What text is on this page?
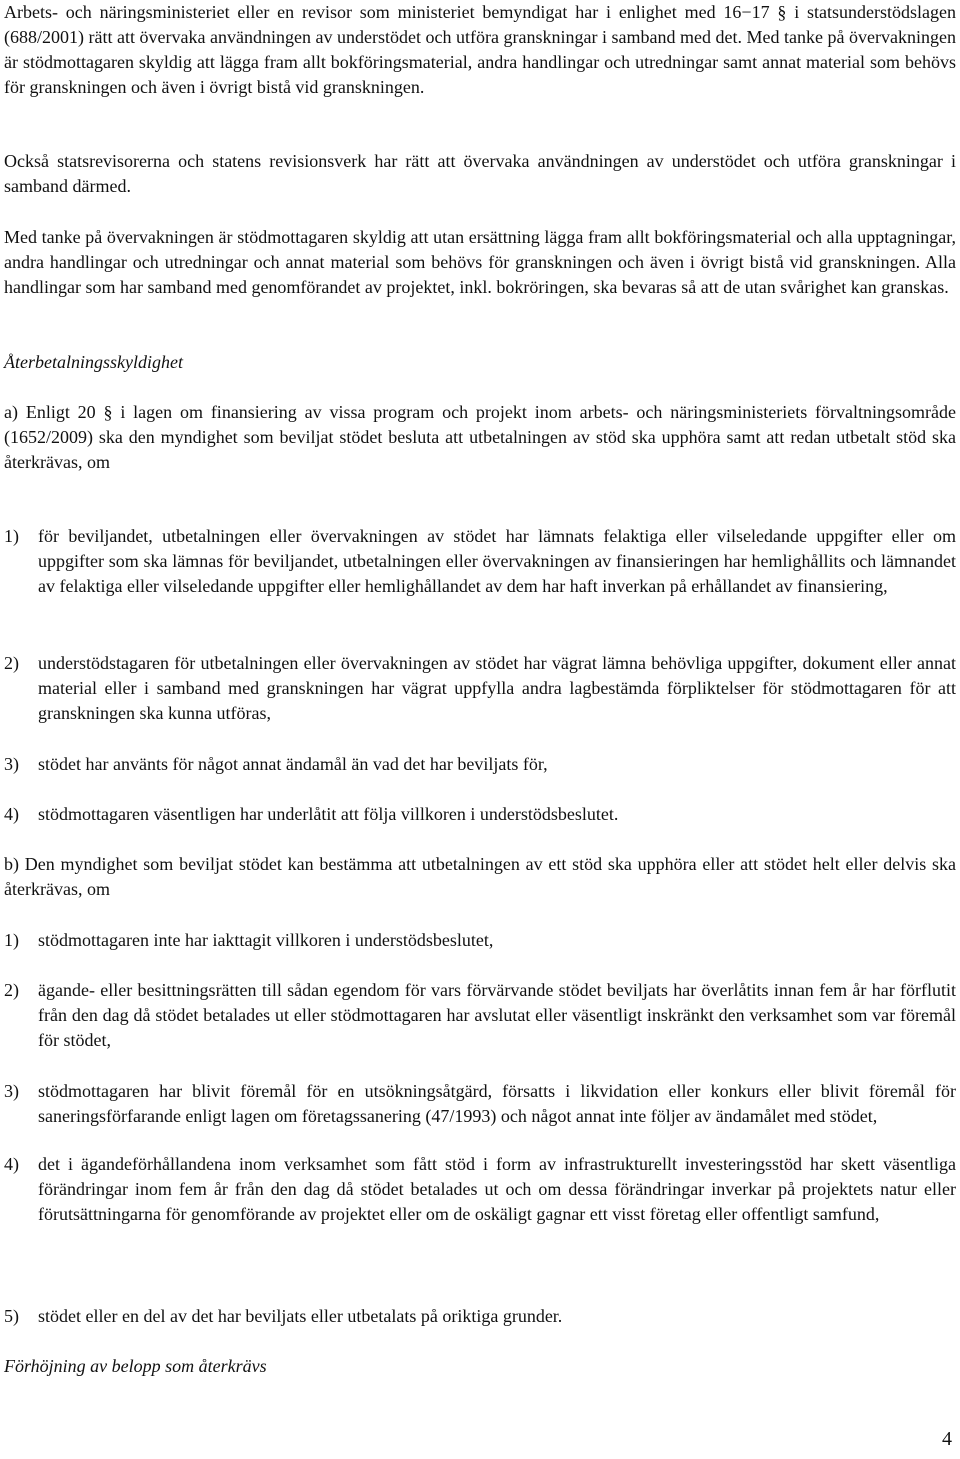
Arbets- och näringsministeriet eller en revisor som ministeriet bemyndigat har i enlighet med 16−17 § i statsunderstödslagen (688/2001) rätt att övervaka användningen av understödet och utföra granskningar i samband med det. Med tanke på övervakningen är stödmottagaren skyldig att lägga fram allt bokföringsmaterial, andra handlingar och utredningar samt annat material som behövs för granskningen och även i övrigt bistå vid granskningen.
Också statsrevisorerna och statens revisionsverk har rätt att övervaka användningen av understödet och utföra granskningar i samband därmed.
Med tanke på övervakningen är stödmottagaren skyldig att utan ersättning lägga fram allt bokföringsmaterial och alla upptagningar, andra handlingar och utredningar och annat material som behövs för granskningen och även i övrigt bistå vid granskningen. Alla handlingar som har samband med genomförandet av projektet, inkl. bokröringen, ska bevaras så att de utan svårighet kan granskas.
Återbetalningsskyldighet
a) Enligt 20 § i lagen om finansiering av vissa program och projekt inom arbets- och näringsministeriets förvaltningsområde (1652/2009) ska den myndighet som beviljat stödet besluta att utbetalningen av stöd ska upphöra samt att redan utbetalt stöd ska återkrävas, om
1)	för beviljandet, utbetalningen eller övervakningen av stödet har lämnats felaktiga eller vilseledande uppgifter eller om uppgifter som ska lämnas för beviljandet, utbetalningen eller övervakningen av finansieringen har hemlighållits och lämnandet av felaktiga eller vilseledande uppgifter eller hemlighållandet av dem har haft inverkan på erhållandet av finansiering,
2)	understödstagaren för utbetalningen eller övervakningen av stödet har vägrat lämna behövliga uppgifter, dokument eller annat material eller i samband med granskningen har vägrat uppfylla andra lagbestämda förpliktelser för stödmottagaren för att granskningen ska kunna utföras,
3)	stödet har använts för något annat ändamål än vad det har beviljats för,
4)	stödmottagaren väsentligen har underlåtit att följa villkoren i understödsbeslutet.
b) Den myndighet som beviljat stödet kan bestämma att utbetalningen av ett stöd ska upphöra eller att stödet helt eller delvis ska återkrävas, om
1)	stödmottagaren inte har iakttagit villkoren i understödsbeslutet,
2)	ägande- eller besittningsrätten till sådan egendom för vars förvärvande stödet beviljats har överlåtits innan fem år har förflutit från den dag då stödet betalades ut eller stödmottagaren har avslutat eller väsentligt inskränkt den verksamhet som var föremål för stödet,
3)	stödmottagaren har blivit föremål för en utsökningsåtgärd, försatts i likvidation eller konkurs eller blivit föremål för saneringsförfarande enligt lagen om företagssanering (47/1993) och något annat inte följer av ändamålet med stödet,
4)	det i ägandeförhållandena inom verksamhet som fått stöd i form av infrastrukturellt investeringsstöd har skett väsentliga förändringar inom fem år från den dag då stödet betalades ut och om dessa förändringar inverkar på projektets natur eller förutsättningarna för genomförande av projektet eller om de oskäligt gagnar ett visst företag eller offentligt samfund,
5)	stödet eller en del av det har beviljats eller utbetalats på oriktiga grunder.
Förhöjning av belopp som återkrävs
4
